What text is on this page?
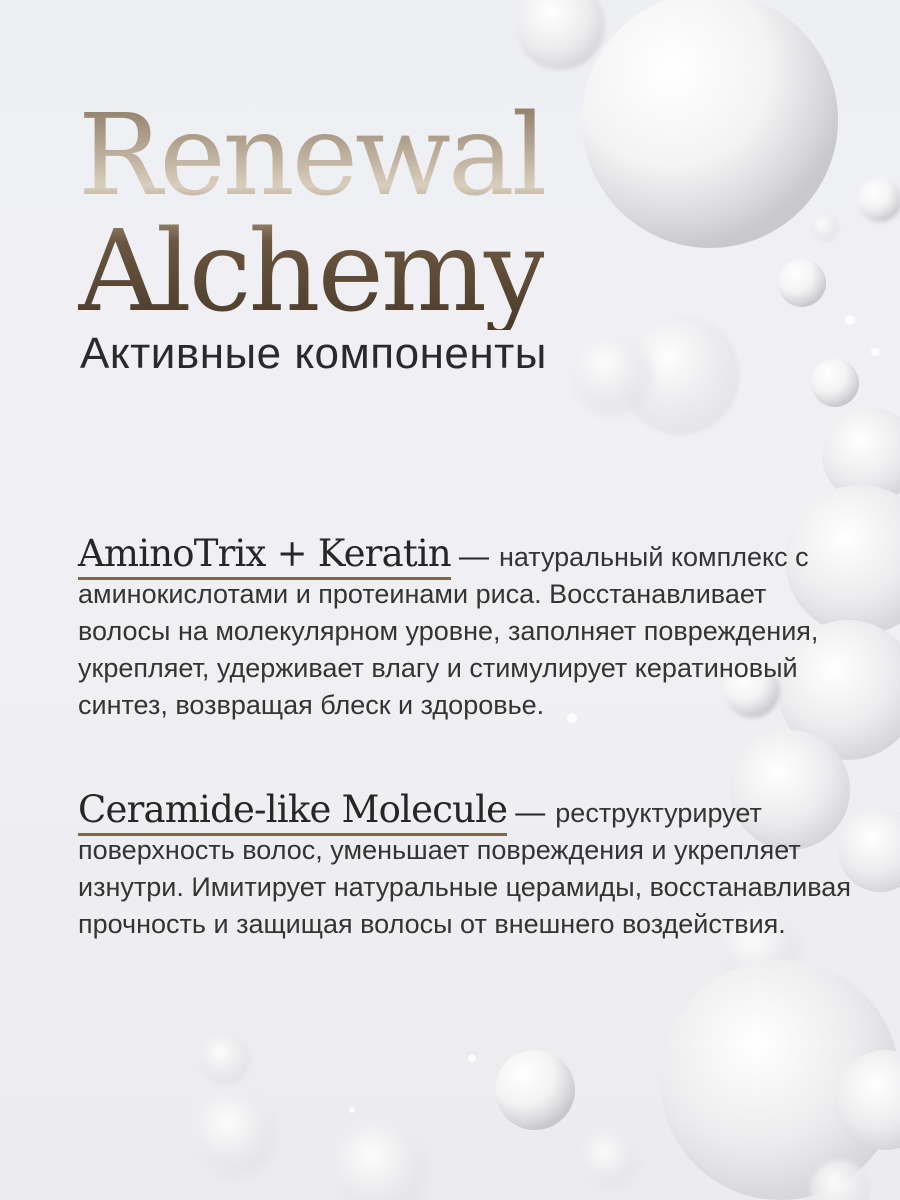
Renewal
Alchemy
Активные компоненты

AminoTrix + Keratin — натуральный комплекс с аминокислотами и протеинами риса. Восстанавливает волосы на молекулярном уровне, заполняет повреждения, укрепляет, удерживает влагу и стимулирует кератиновый синтез, возвращая блеск и здоровье.

Ceramide-like Molecule — реструктурирует поверхность волос, уменьшает повреждения и укрепляет изнутри. Имитирует натуральные церамиды, восстанавливая прочность и защищая волосы от внешнего воздействия.
